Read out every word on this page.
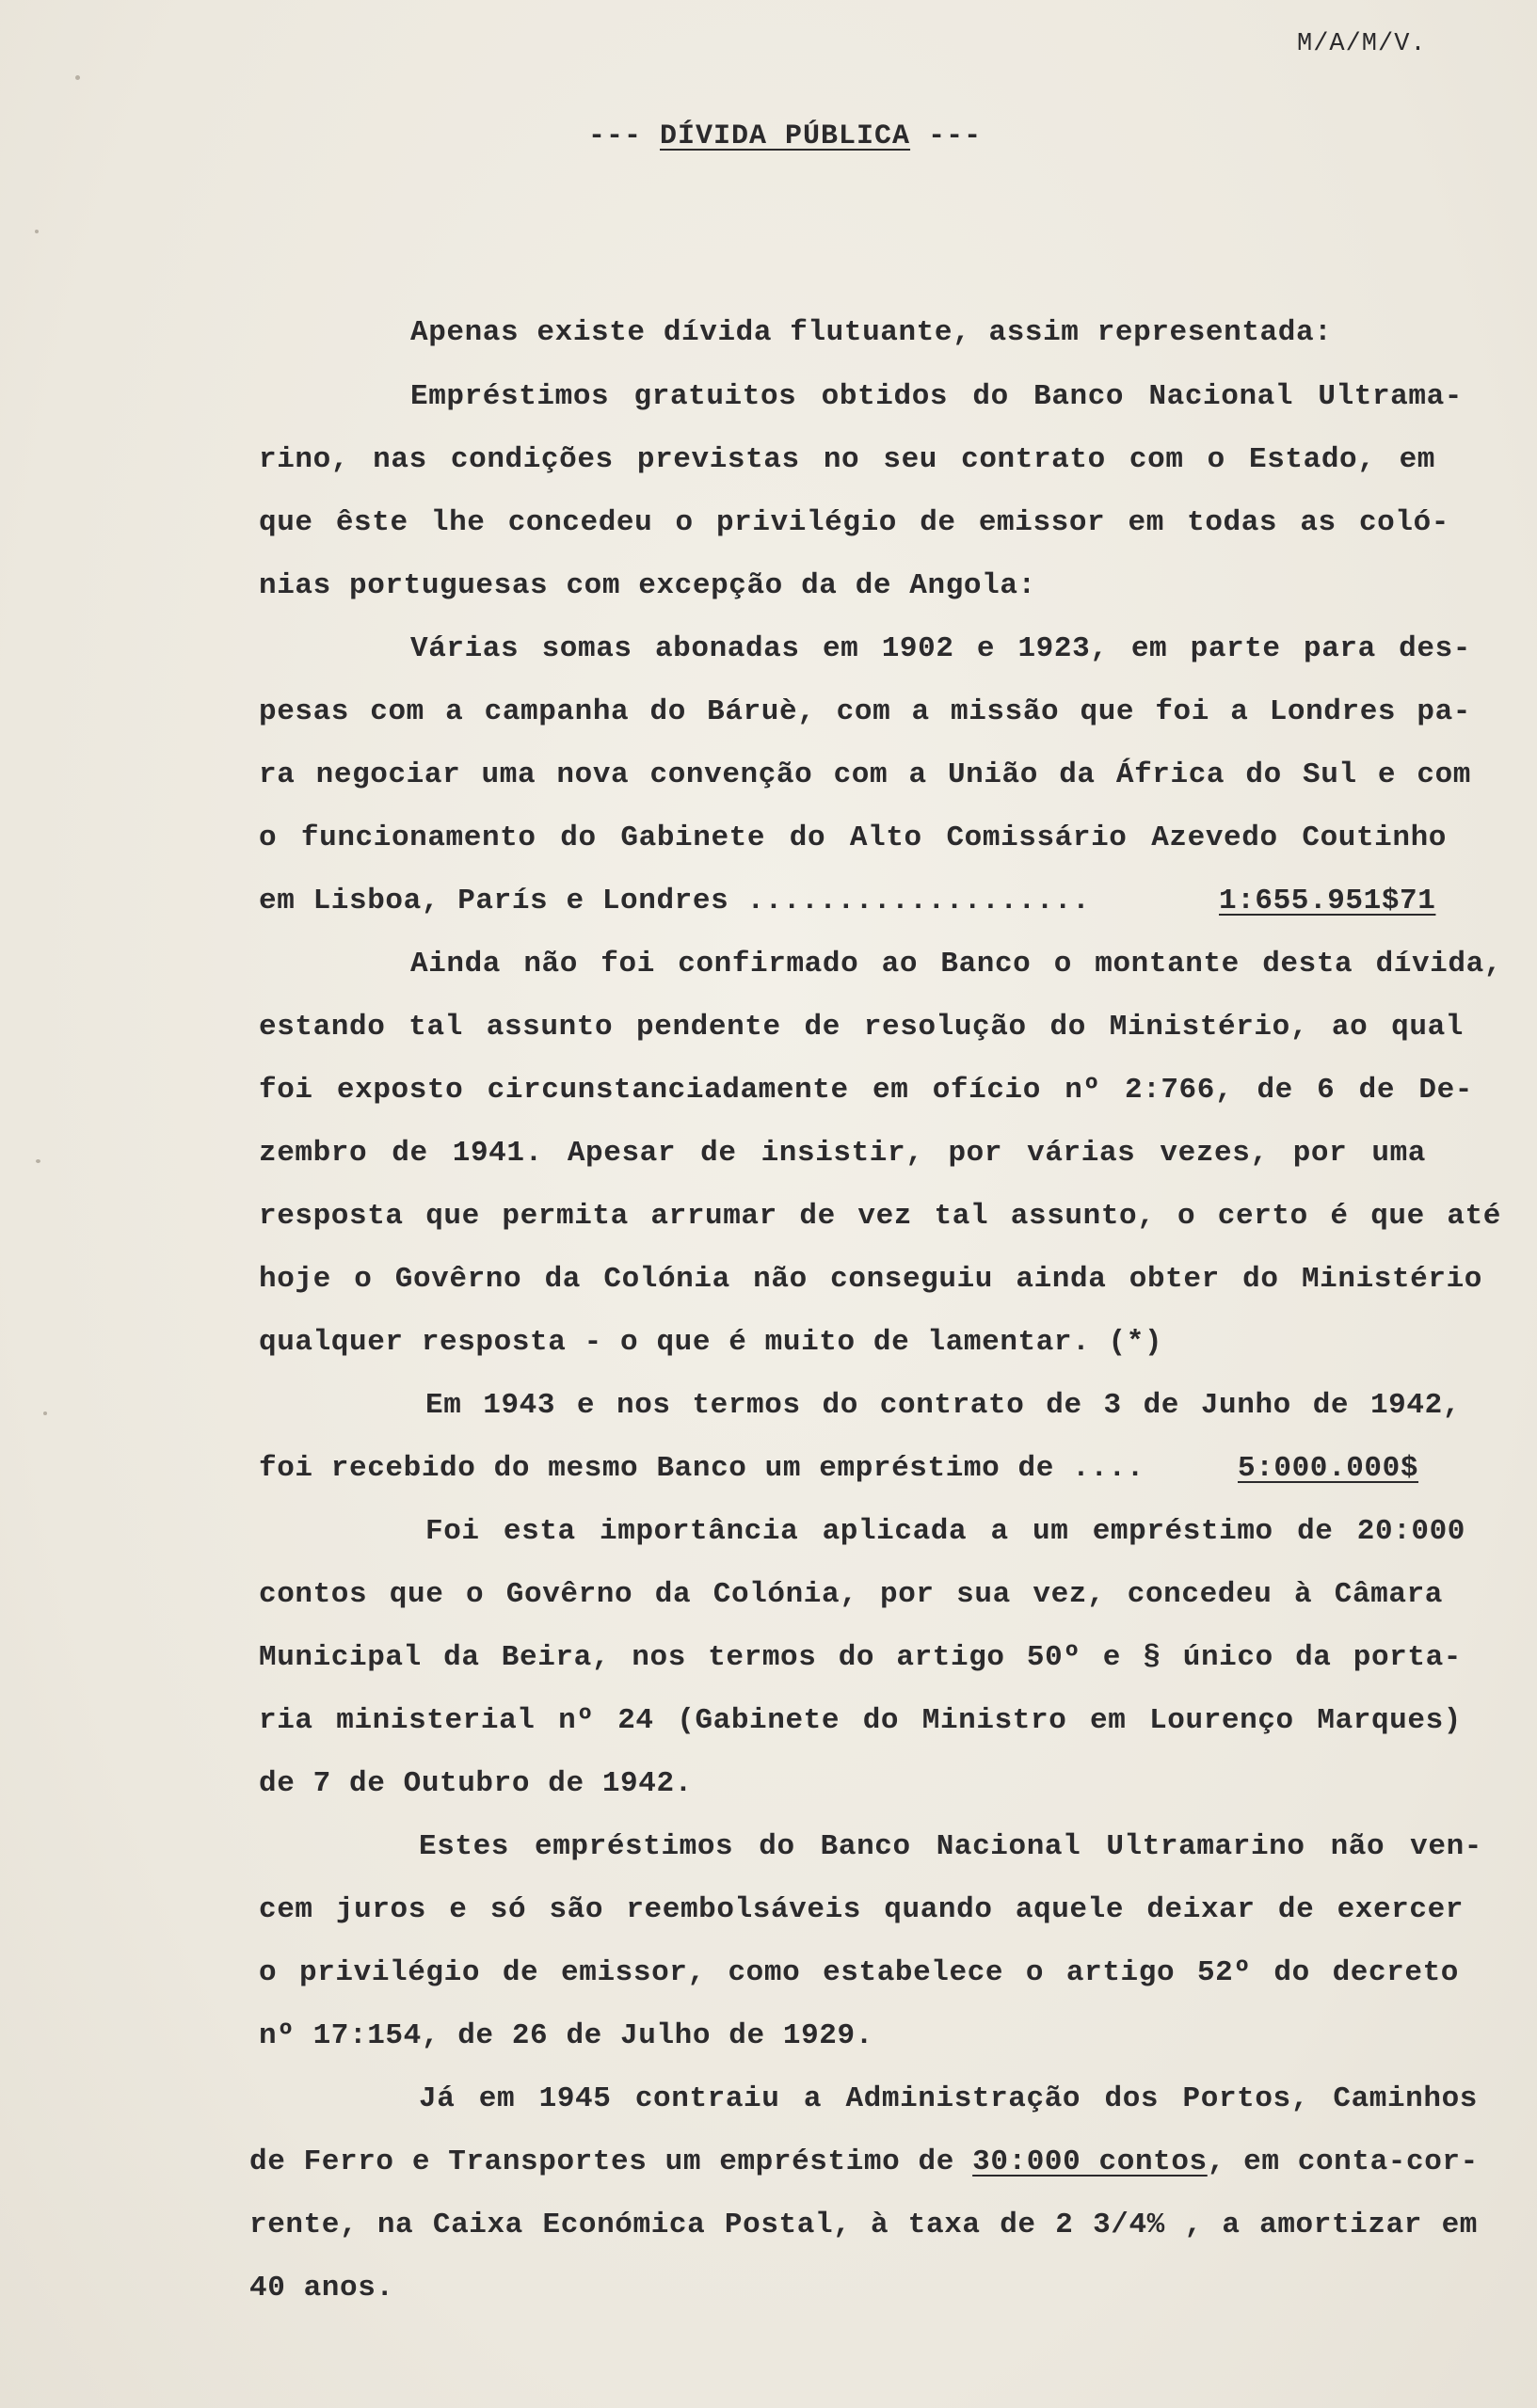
M/A/M/V.
--- DÍVIDA PÚBLICA ---
Apenas existe dívida flutuante, assim representada:
Empréstimos gratuitos obtidos do Banco Nacional Ultrama-
rino, nas condições previstas no seu contrato com o Estado, em
que êste lhe concedeu o privilégio de emissor em todas as coló-
nias portuguesas com excepção da de Angola:
Várias somas abonadas em 1902 e 1923, em parte para des-
pesas com a campanha do Báruè, com a missão que foi a Londres pa-
ra negociar uma nova convenção com a União da África do Sul e com
o funcionamento do Gabinete do Alto Comissário Azevedo Coutinho
em Lisboa, París e Londres ...................	1:655.951$71
Ainda não foi confirmado ao Banco o montante desta dívida,
estando tal assunto pendente de resolução do Ministério, ao qual
foi exposto circunstanciadamente em ofício nº 2:766, de 6 de De-
zembro de 1941. Apesar de insistir, por várias vezes, por uma
resposta que permita arrumar de vez tal assunto, o certo é que até
hoje o Govêrno da Colónia não conseguiu ainda obter do Ministério
qualquer resposta - o que é muito de lamentar. (*)
Em 1943 e nos termos do contrato de 3 de Junho de 1942,
foi recebido do mesmo Banco um empréstimo de ....	5:000.000$
Foi esta importância aplicada a um empréstimo de 20:000
contos que o Govêrno da Colónia, por sua vez, concedeu à Câmara
Municipal da Beira, nos termos do artigo 50º e § único da porta-
ria ministerial nº 24 (Gabinete do Ministro em Lourenço Marques)
de 7 de Outubro de 1942.
Estes empréstimos do Banco Nacional Ultramarino não ven-
cem juros e só são reembolsáveis quando aquele deixar de exercer
o privilégio de emissor, como estabelece o artigo 52º do decreto
nº 17:154, de 26 de Julho de 1929.
Já em 1945 contraiu a Administração dos Portos, Caminhos
de Ferro e Transportes um empréstimo de 30:000 contos, em conta-cor-
rente, na Caixa Económica Postal, à taxa de 2 3/4% , a amortizar em
40 anos.
